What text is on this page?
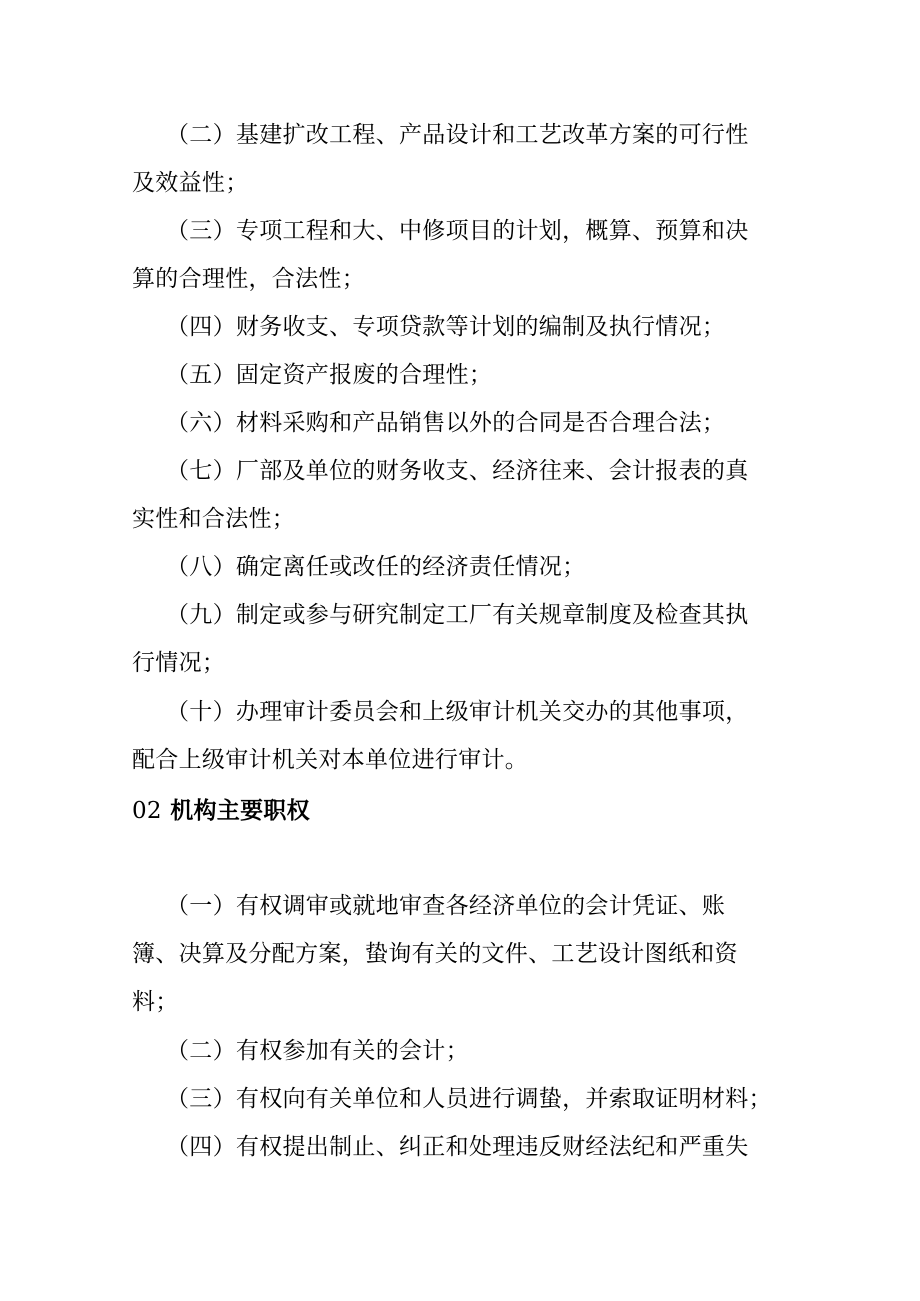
（二）基建扩改工程、产品设计和工艺改革方案的可行性
及效益性；
（三）专项工程和大、中修项目的计划，概算、预算和决
算的合理性，合法性；
（四）财务收支、专项贷款等计划的编制及执行情况；
（五）固定资产报废的合理性；
（六）材料采购和产品销售以外的合同是否合理合法；
（七）厂部及单位的财务收支、经济往来、会计报表的真
实性和合法性；
（八）确定离任或改任的经济责任情况；
（九）制定或参与研究制定工厂有关规章制度及检查其执
行情况；
（十）办理审计委员会和上级审计机关交办的其他事项，
配合上级审计机关对本单位进行审计。
02 机构主要职权
（一）有权调审或就地审查各经济单位的会计凭证、账
簿、决算及分配方案，蛰询有关的文件、工艺设计图纸和资
料；
（二）有权参加有关的会计；
（三）有权向有关单位和人员进行调蛰，并索取证明材料；
（四）有权提出制止、纠正和处理违反财经法纪和严重失
